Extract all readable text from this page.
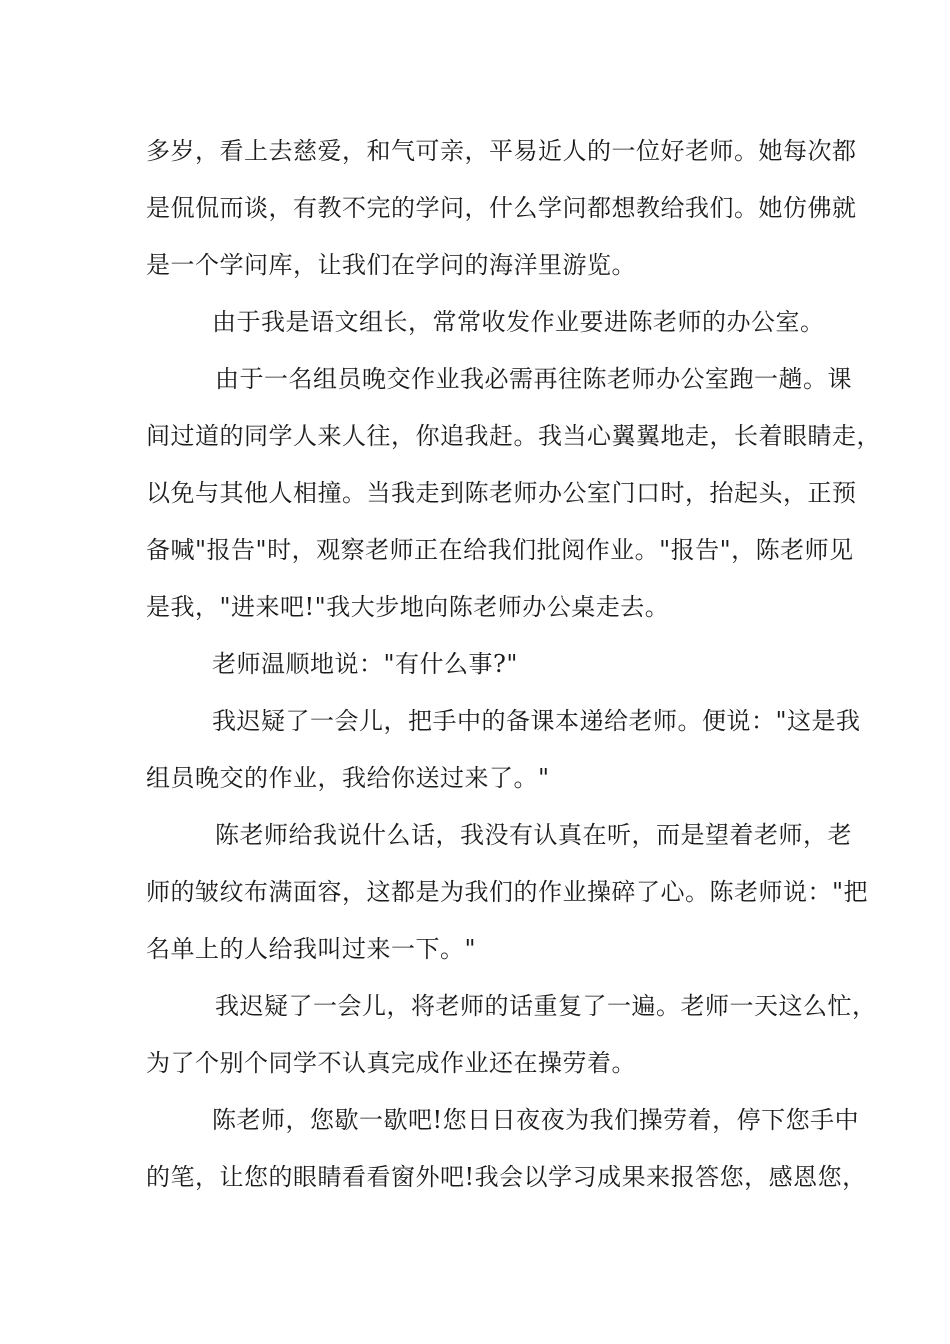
多岁，看上去慈爱，和气可亲，平易近人的一位好老师。她每次都
是侃侃而谈，有教不完的学问，什么学问都想教给我们。她仿佛就
是一个学问库，让我们在学问的海洋里游览。
由于我是语文组长，常常收发作业要进陈老师的办公室。
由于一名组员晚交作业我必需再往陈老师办公室跑一趟。课
间过道的同学人来人往，你追我赶。我当心翼翼地走，长着眼睛走，
以免与其他人相撞。当我走到陈老师办公室门口时，抬起头，正预
备喊"报告"时，观察老师正在给我们批阅作业。"报告"，陈老师见
是我，"进来吧!"我大步地向陈老师办公桌走去。
老师温顺地说："有什么事?"
我迟疑了一会儿，把手中的备课本递给老师。便说："这是我
组员晚交的作业，我给你送过来了。"
陈老师给我说什么话，我没有认真在听，而是望着老师，老
师的皱纹布满面容，这都是为我们的作业操碎了心。陈老师说："把
名单上的人给我叫过来一下。"
我迟疑了一会儿，将老师的话重复了一遍。老师一天这么忙，
为了个别个同学不认真完成作业还在操劳着。
陈老师，您歇一歇吧!您日日夜夜为我们操劳着，停下您手中
的笔，让您的眼睛看看窗外吧!我会以学习成果来报答您，感恩您，
